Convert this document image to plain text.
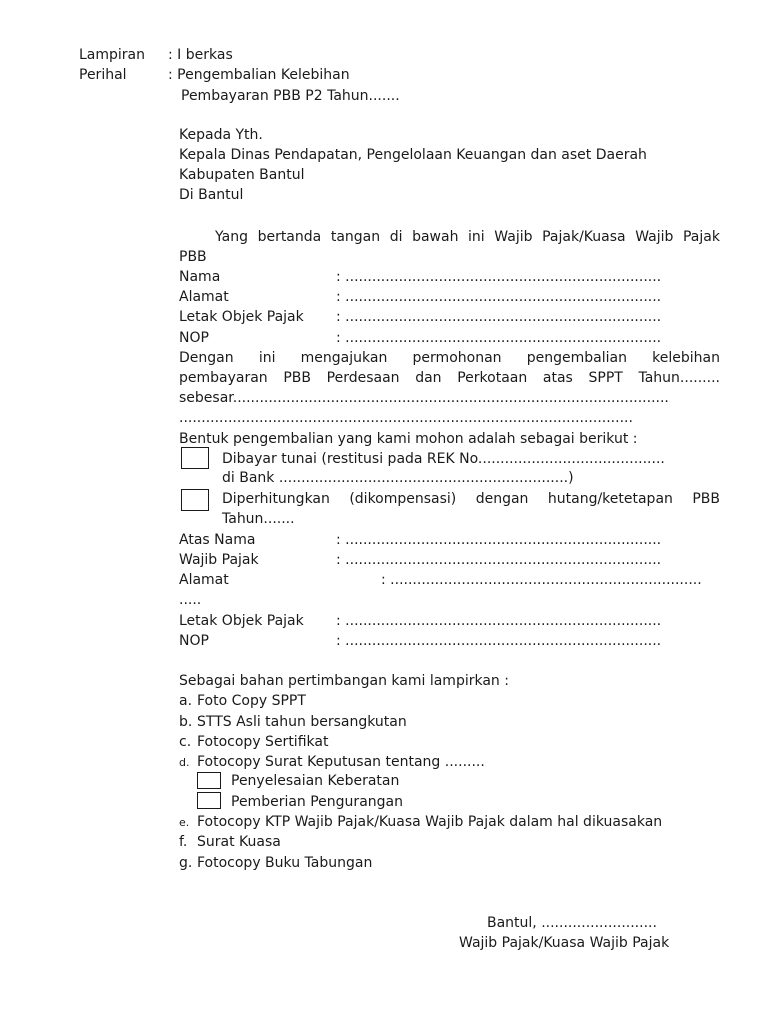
Lampiran : I berkas
Perihal	: Pengembalian Kelebihan
Pembayaran PBB P2 Tahun.......
Kepada Yth.
Kepala Dinas Pendapatan, Pengelolaan Keuangan dan aset Daerah
Kabupaten Bantul
Di Bantul
Yang bertanda tangan di bawah ini Wajib Pajak/Kuasa Wajib Pajak
PBB
Nama	: .......................................................................
Alamat	: .......................................................................
Letak Objek Pajak : .......................................................................
NOP	: .......................................................................
Dengan ini mengajukan permohonan pengembalian kelebihan
pembayaran PBB Perdesaan dan Perkotaan atas SPPT Tahun.........
sebesar..................................................................................................
......................................................................................................
Bentuk pengembalian yang kami mohon adalah sebagai berikut :
Dibayar tunai (restitusi pada REK No..........................................
di Bank .................................................................)
Diperhitungkan (dikompensasi) dengan hutang/ketetapan PBB
Tahun.......
Atas Nama	: .......................................................................
Wajib Pajak	: .......................................................................
Alamat	: ......................................................................
.....
Letak Objek Pajak : .......................................................................
NOP	: .......................................................................
Sebagai bahan pertimbangan kami lampirkan :
a. Foto Copy SPPT
b. STTS Asli tahun bersangkutan
c. Fotocopy Sertifikat
d. Fotocopy Surat Keputusan tentang .........
Penyelesaian Keberatan
Pemberian Pengurangan
e. Fotocopy KTP Wajib Pajak/Kuasa Wajib Pajak dalam hal dikuasakan
f. Surat Kuasa
g. Fotocopy Buku Tabungan
Bantul, ..........................
Wajib Pajak/Kuasa Wajib Pajak
